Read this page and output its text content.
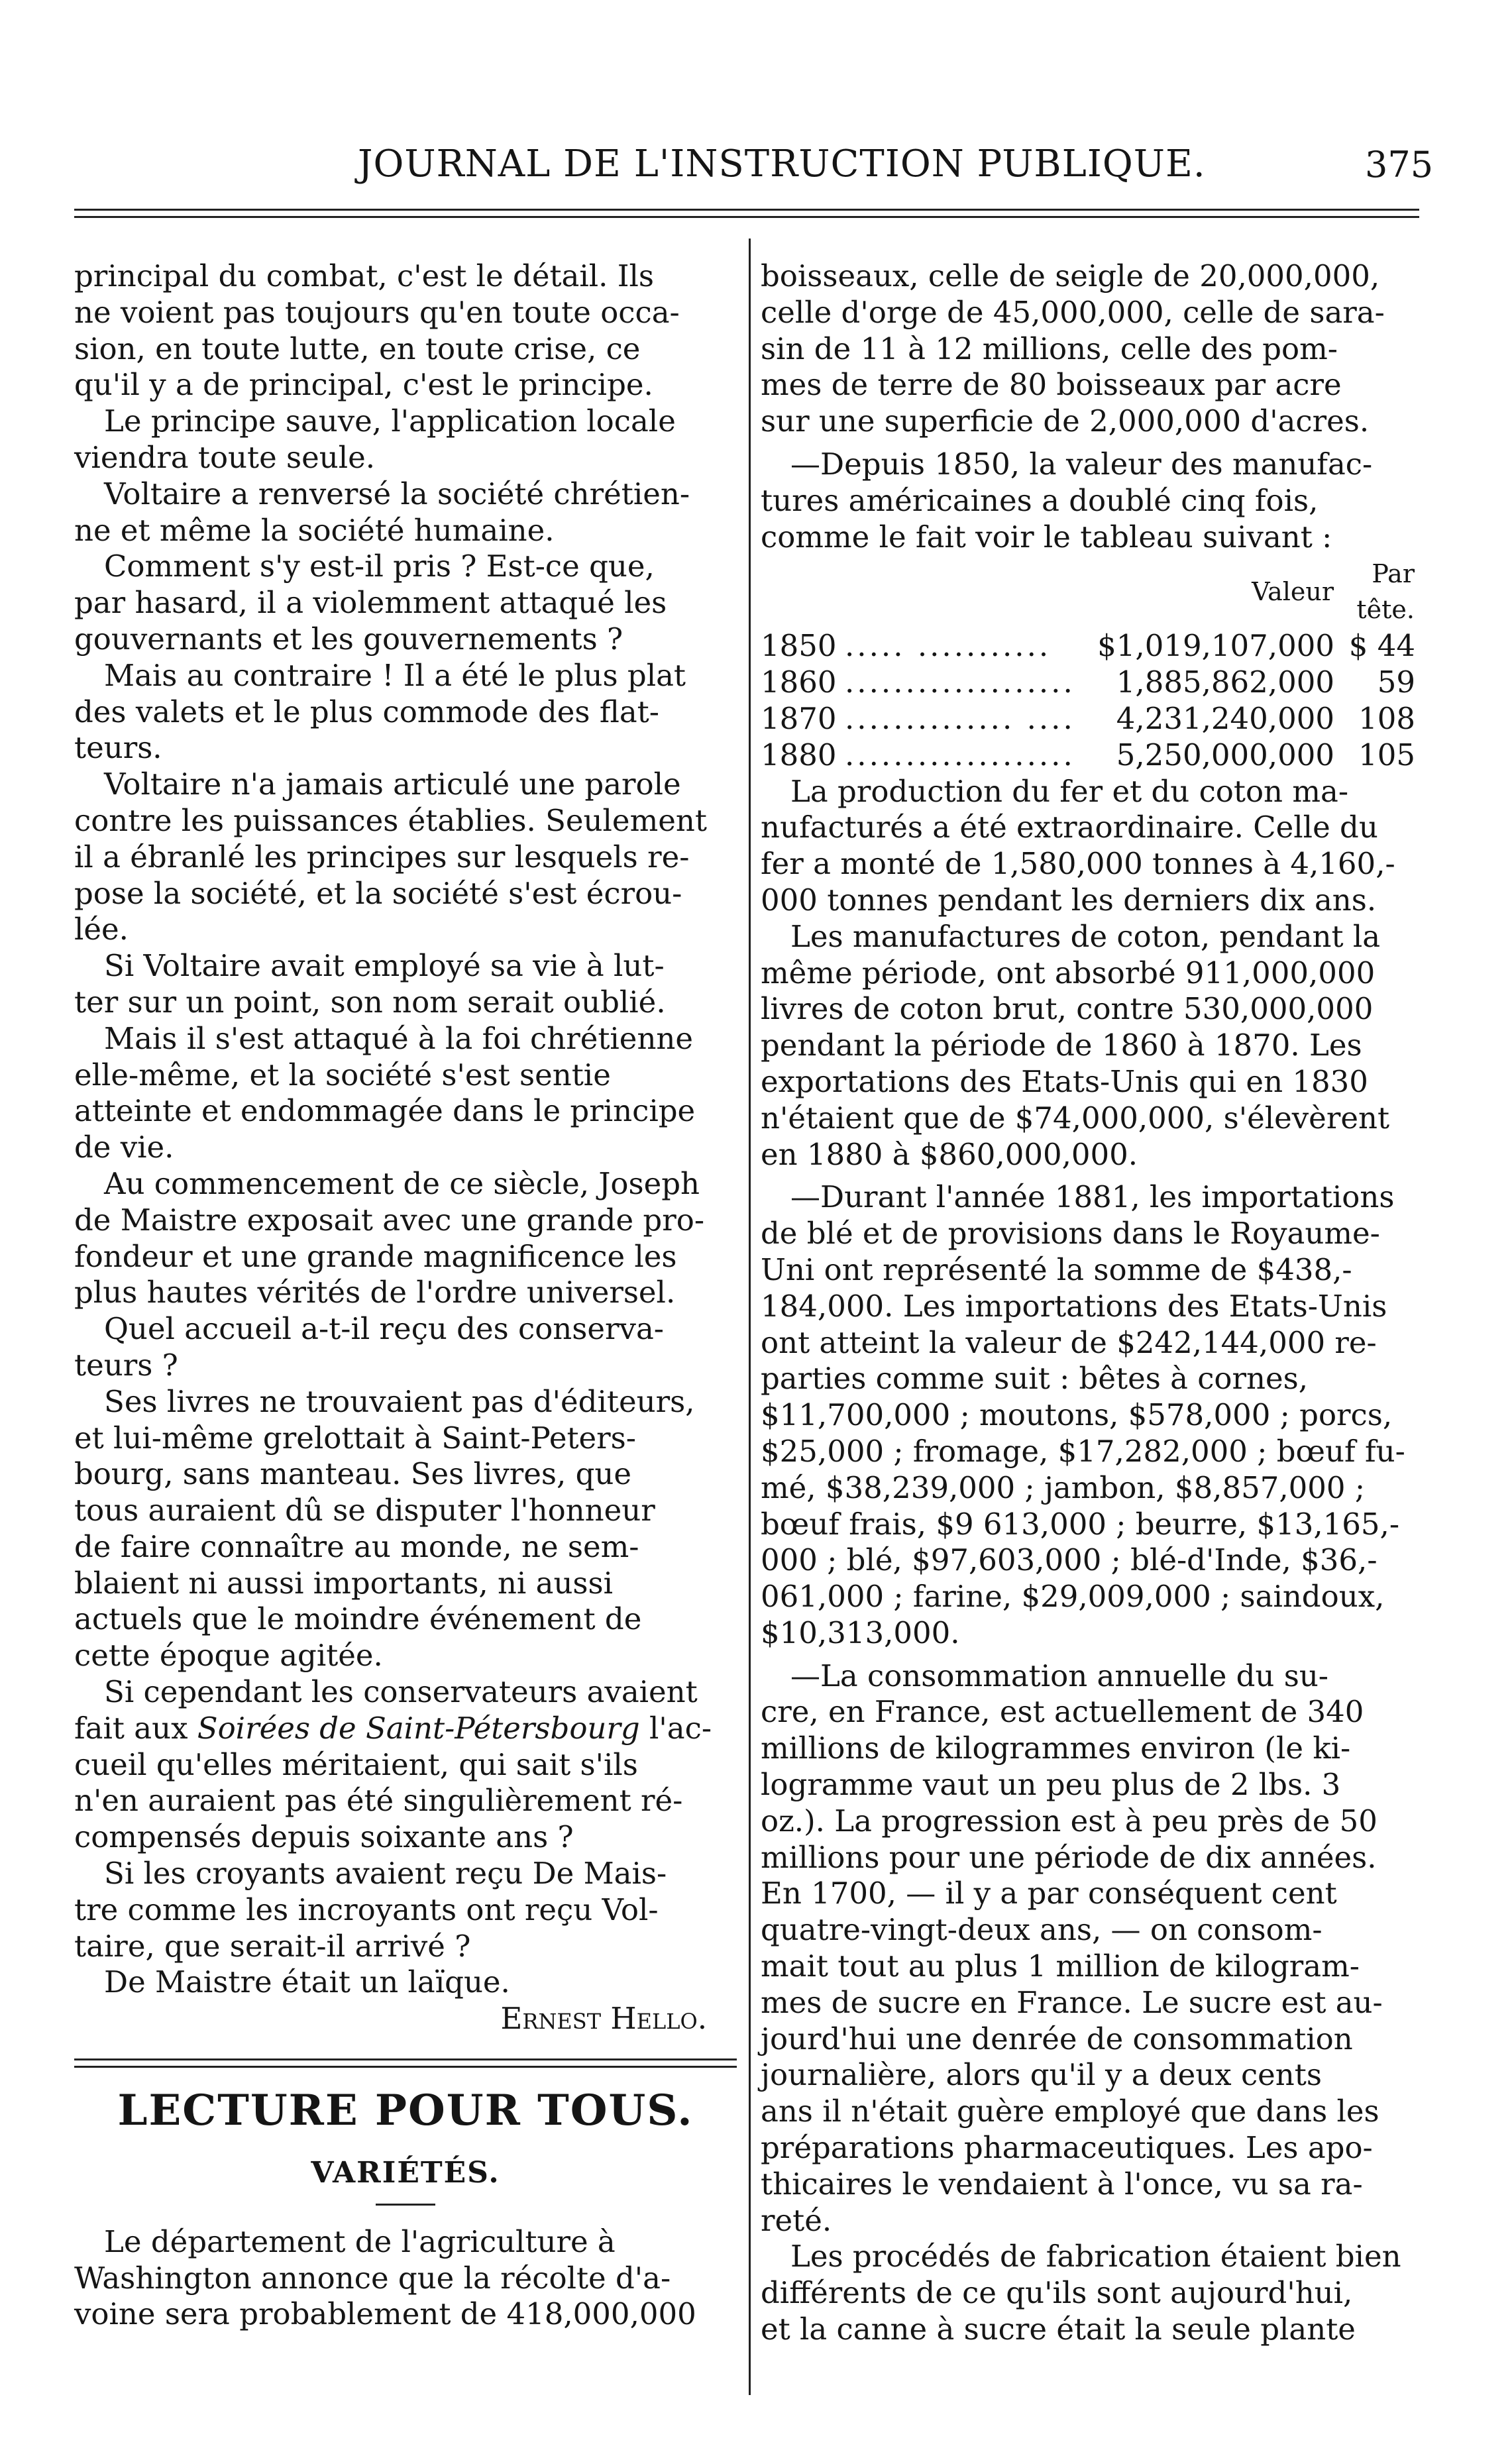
JOURNAL DE L'INSTRUCTION PUBLIQUE.	375

principal du combat, c'est le détail. Ils
ne voient pas toujours qu'en toute occa-
sion, en toute lutte, en toute crise, ce
qu'il y a de principal, c'est le principe.

Le principe sauve, l'application locale
viendra toute seule.

Voltaire a renversé la société chrétien-
ne et même la société humaine.

Comment s'y est-il pris ? Est-ce que,
par hasard, il a violemment attaqué les
gouvernants et les gouvernements ?

Mais au contraire ! Il a été le plus plat
des valets et le plus commode des flat-
teurs.

Voltaire n'a jamais articulé une parole
contre les puissances établies. Seulement
il a ébranlé les principes sur lesquels re-
pose la société, et la société s'est écrou-
lée.

Si Voltaire avait employé sa vie à lut-
ter sur un point, son nom serait oublié.

Mais il s'est attaqué à la foi chrétienne
elle-même, et la société s'est sentie
atteinte et endommagée dans le principe
de vie.

Au commencement de ce siècle, Joseph
de Maistre exposait avec une grande pro-
fondeur et une grande magnificence les
plus hautes vérités de l'ordre universel.

Quel accueil a-t-il reçu des conserva-
teurs ?

Ses livres ne trouvaient pas d'éditeurs,
et lui-même grelottait à Saint-Peters-
bourg, sans manteau. Ses livres, que
tous auraient dû se disputer l'honneur
de faire connaître au monde, ne sem-
blaient ni aussi importants, ni aussi
actuels que le moindre événement de
cette époque agitée.

Si cependant les conservateurs avaient
fait aux Soirées de Saint-Pétersbourg l'ac-
cueil qu'elles méritaient, qui sait s'ils
n'en auraient pas été singulièrement ré-
compensés depuis soixante ans ?

Si les croyants avaient reçu De Mais-
tre comme les incroyants ont reçu Vol-
taire, que serait-il arrivé ?

De Maistre était un laïque.

Ernest Hello.

LECTURE POUR TOUS.
VARIÉTÉS.

Le département de l'agriculture à
Washington annonce que la récolte d'a-
voine sera probablement de 418,000,000

boisseaux, celle de seigle de 20,000,000,
celle d'orge de 45,000,000, celle de sara-
sin de 11 à 12 millions, celle des pom-
mes de terre de 80 boisseaux par acre
sur une superficie de 2,000,000 d'acres.

—Depuis 1850, la valeur des manufac-
tures américaines a doublé cinq fois,
comme le fait voir le tableau suivant :

		Valeur	Par tête.
1850	..... ...........	$1,019,107,000	$ 44
1860	...................	1,885,862,000	59
1870	.............. ....	4,231,240,000	108
1880	...................	5,250,000,000	105

La production du fer et du coton ma-
nufacturés a été extraordinaire. Celle du
fer a monté de 1,580,000 tonnes à 4,160,-
000 tonnes pendant les derniers dix ans.

Les manufactures de coton, pendant la
même période, ont absorbé 911,000,000
livres de coton brut, contre 530,000,000
pendant la période de 1860 à 1870. Les
exportations des Etats-Unis qui en 1830
n'étaient que de $74,000,000, s'élevèrent
en 1880 à $860,000,000.

—Durant l'année 1881, les importations
de blé et de provisions dans le Royaume-
Uni ont représenté la somme de $438,-
184,000. Les importations des Etats-Unis
ont atteint la valeur de $242,144,000 re-
parties comme suit : bêtes à cornes,
$11,700,000 ; moutons, $578,000 ; porcs,
$25,000 ; fromage, $17,282,000 ; bœuf fu-
mé, $38,239,000 ; jambon, $8,857,000 ;
bœuf frais, $9 613,000 ; beurre, $13,165,-
000 ; blé, $97,603,000 ; blé-d'Inde, $36,-
061,000 ; farine, $29,009,000 ; saindoux,
$10,313,000.

—La consommation annuelle du su-
cre, en France, est actuellement de 340
millions de kilogrammes environ (le ki-
logramme vaut un peu plus de 2 lbs. 3
oz.). La progression est à peu près de 50
millions pour une période de dix années.
En 1700, — il y a par conséquent cent
quatre-vingt-deux ans, — on consom-
mait tout au plus 1 million de kilogram-
mes de sucre en France. Le sucre est au-
jourd'hui une denrée de consommation
journalière, alors qu'il y a deux cents
ans il n'était guère employé que dans les
préparations pharmaceutiques. Les apo-
thicaires le vendaient à l'once, vu sa ra-
reté.

Les procédés de fabrication étaient bien
différents de ce qu'ils sont aujourd'hui,
et la canne à sucre était la seule plante
